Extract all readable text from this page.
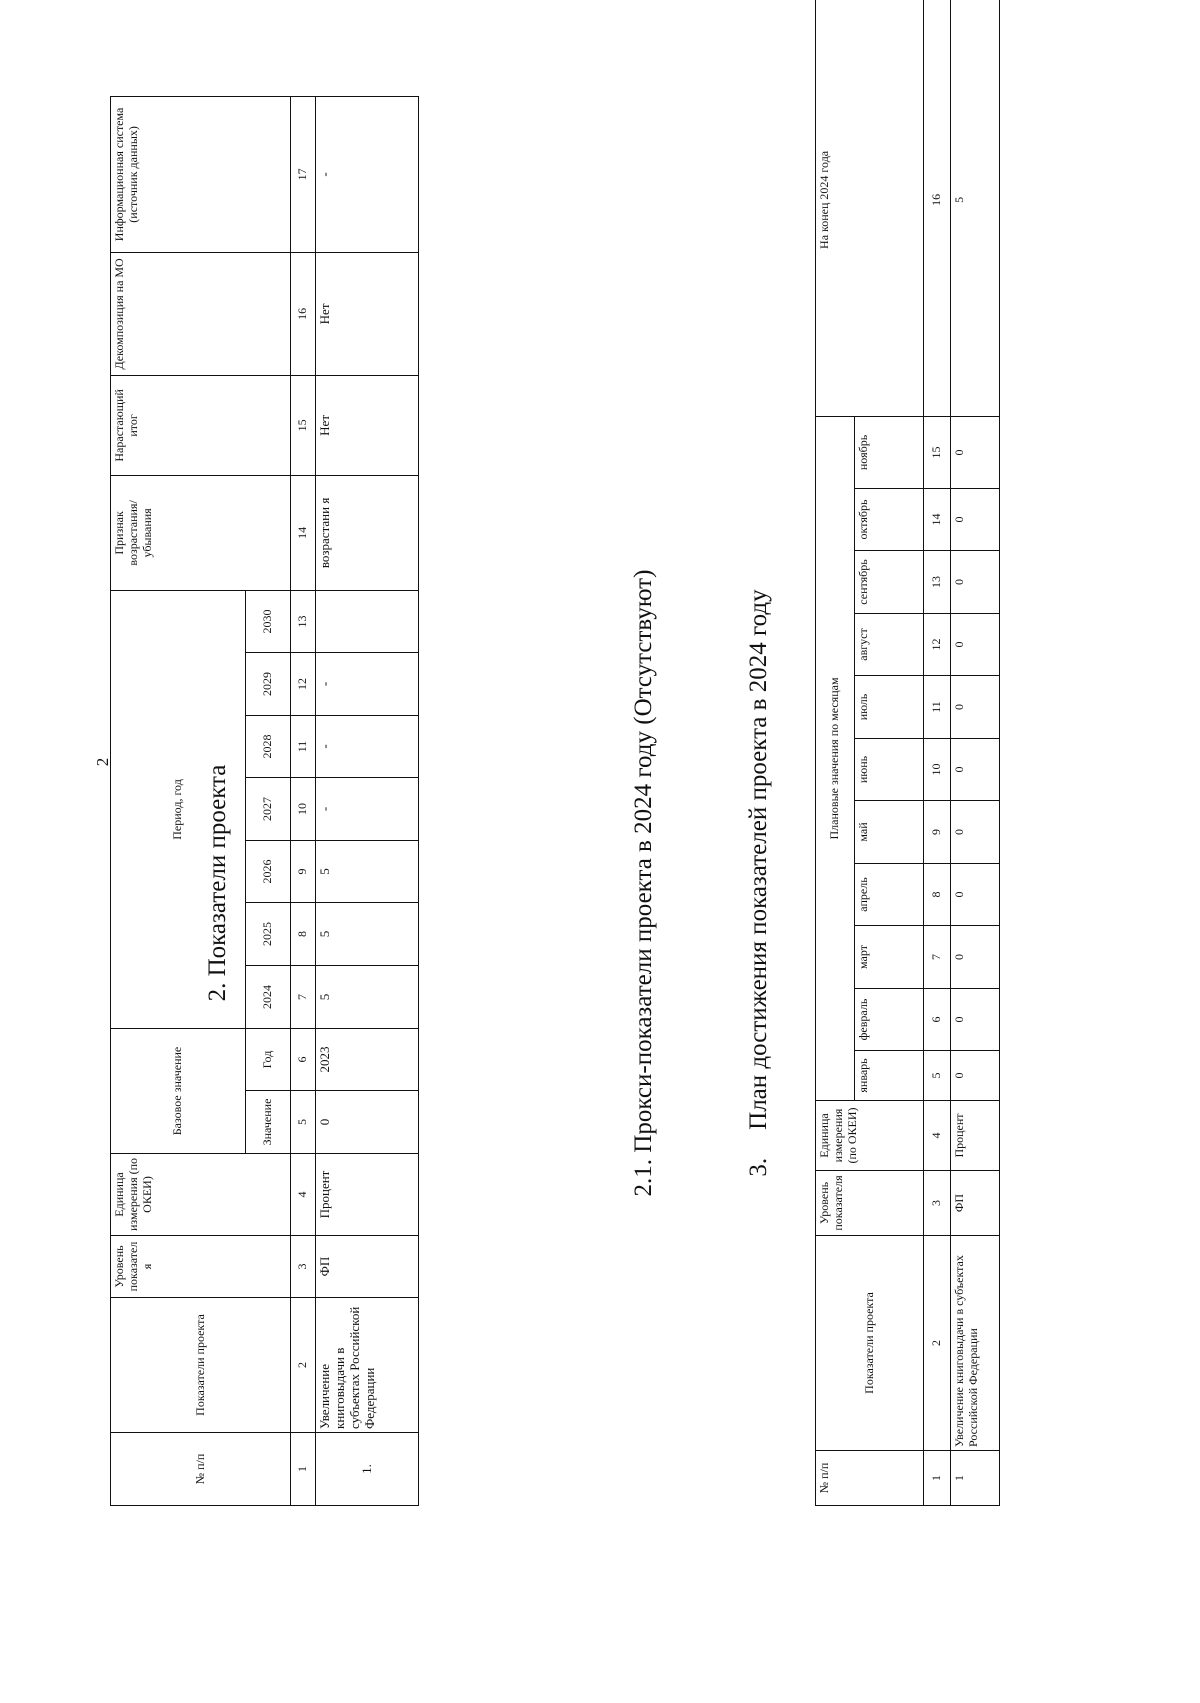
2
2. Показатели проекта
№ п/п	Показатели проекта	Уровень показател я	Единица измерения (по ОКЕИ)	Базовое значение		Период, год							Признак возрастания/ убывания	Нарастающий итог	Декомпозиция на МО	Информационная система (источник данных)
				Значение	Год	2024	2025	2026	2027	2028	2029	2030				
1	2	3	4	5	6	7	8	9	10	11	12	13	14	15	16	17
1.	Увеличение книговыдачи в субъектах Российской Федерации	ФП	Процент	0	2023	5	5	5	-	-	-		возрастани я	Нет	Нет	-
2.1. Прокси-показатели проекта в 2024 году (Отсутствуют)	3.План достижения показателей проекта в 2024 году
№ п/п	Показатели проекта	Уровень показателя	Единица измерения (по ОКЕИ)	Плановые значения по месяцам											На конец 2024 года
				январь	февраль	март	апрель	май	июнь	июль	август	сентябрь	октябрь	ноябрь	
1	2	3	4	5	6	7	8	9	10	11	12	13	14	15	16
1	Увеличение книговыдачи в субъектах Российской Федерации	ФП	Процент	0	0	0	0	0	0	0	0	0	0	0	5
